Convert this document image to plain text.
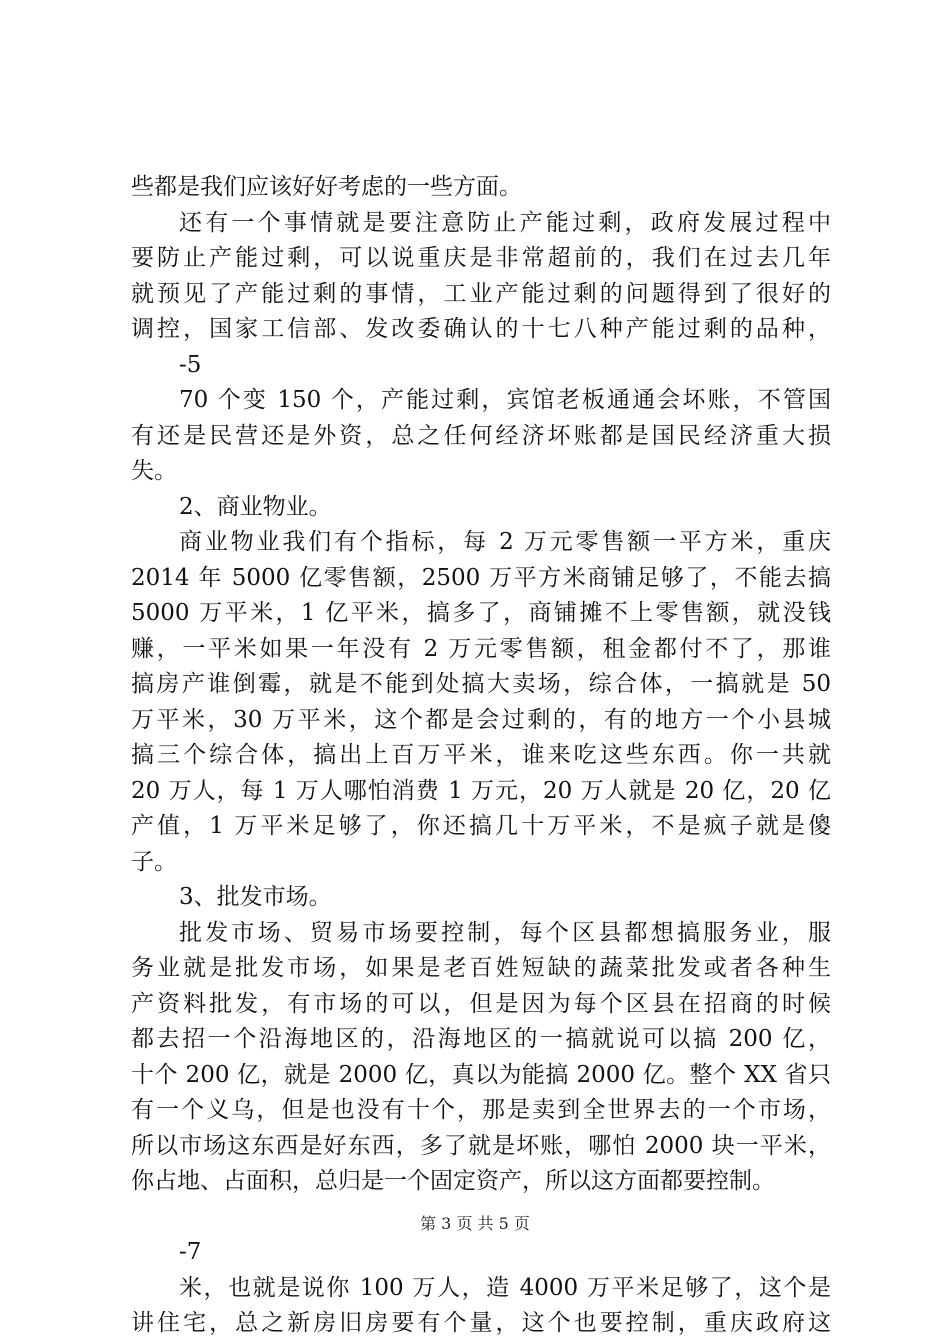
些都是我们应该好好考虑的一些方面。
还有一个事情就是要注意防止产能过剩，政府发展过程中
要防止产能过剩，可以说重庆是非常超前的，我们在过去几年
就预见了产能过剩的事情，工业产能过剩的问题得到了很好的
调控，国家工信部、发改委确认的十七八种产能过剩的品种，
-5
70 个变 150 个，产能过剩，宾馆老板通通会坏账，不管国
有还是民营还是外资，总之任何经济坏账都是国民经济重大损
失。
2、商业物业。
商业物业我们有个指标，每 2 万元零售额一平方米，重庆
2014 年 5000 亿零售额，2500 万平方米商铺足够了，不能去搞
5000 万平米，1 亿平米，搞多了，商铺摊不上零售额，就没钱
赚，一平米如果一年没有 2 万元零售额，租金都付不了，那谁
搞房产谁倒霉，就是不能到处搞大卖场，综合体，一搞就是 50
万平米，30 万平米，这个都是会过剩的，有的地方一个小县城
搞三个综合体，搞出上百万平米，谁来吃这些东西。你一共就
20 万人，每 1 万人哪怕消费 1 万元，20 万人就是 20 亿，20 亿
产值，1 万平米足够了，你还搞几十万平米，不是疯子就是傻
子。
3、批发市场。
批发市场、贸易市场要控制，每个区县都想搞服务业，服
务业就是批发市场，如果是老百姓短缺的蔬菜批发或者各种生
产资料批发，有市场的可以，但是因为每个区县在招商的时候
都去招一个沿海地区的，沿海地区的一搞就说可以搞 200 亿，
十个 200 亿，就是 2000 亿，真以为能搞 2000 亿。整个 XX 省只
有一个义乌，但是也没有十个，那是卖到全世界去的一个市场，
所以市场这东西是好东西，多了就是坏账，哪怕 2000 块一平米，
你占地、占面积，总归是一个固定资产，所以这方面都要控制。
-7
米，也就是说你 100 万人，造 4000 万平米足够了，这个是
讲住宅，总之新房旧房要有个量，这个也要控制，重庆政府这
第 3 页 共 5 页
